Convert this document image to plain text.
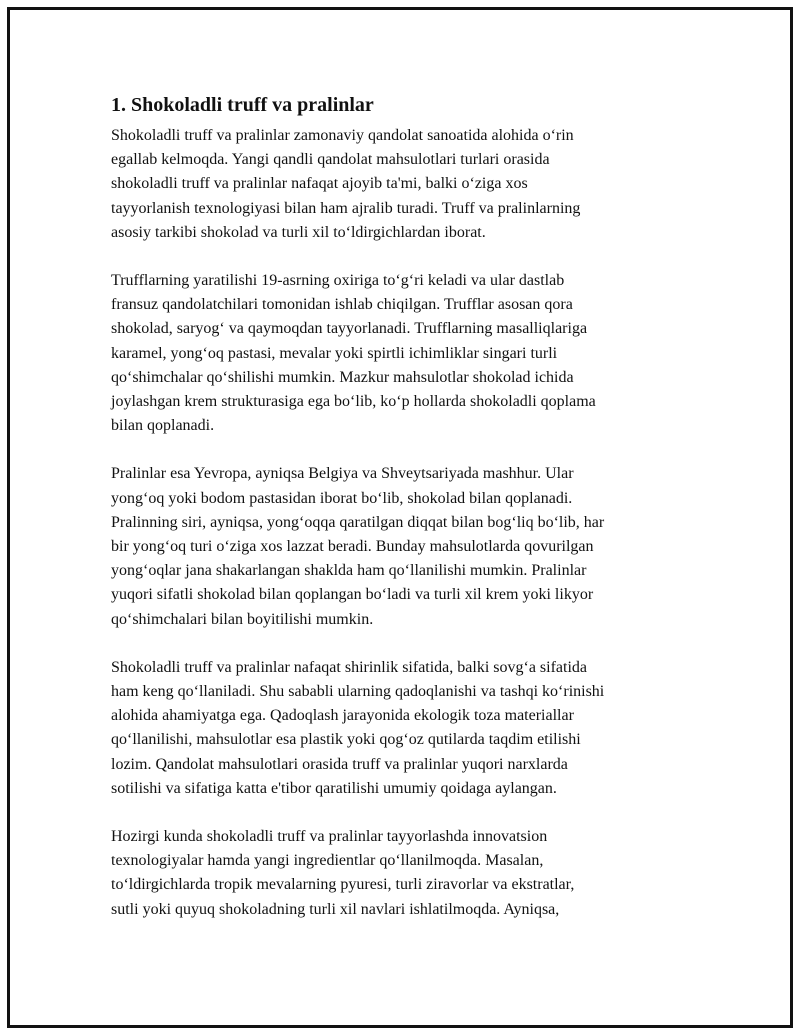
1. Shokoladli truff va pralinlar

Shokoladli truff va pralinlar zamonaviy qandolat sanoatida alohida oʻrin
egallab kelmoqda. Yangi qandli qandolat mahsulotlari turlari orasida
shokoladli truff va pralinlar nafaqat ajoyib ta'mi, balki oʻziga xos
tayyorlanish texnologiyasi bilan ham ajralib turadi. Truff va pralinlarning
asosiy tarkibi shokolad va turli xil toʻldirgichlardan iborat.

Trufflarning yaratilishi 19-asrning oxiriga toʻgʻri keladi va ular dastlab
fransuz qandolatchilari tomonidan ishlab chiqilgan. Trufflar asosan qora
shokolad, saryogʻ va qaymoqdan tayyorlanadi. Trufflarning masalliqlariga
karamel, yongʻoq pastasi, mevalar yoki spirtli ichimliklar singari turli
qoʻshimchalar qoʻshilishi mumkin. Mazkur mahsulotlar shokolad ichida
joylashgan krem strukturasiga ega boʻlib, koʻp hollarda shokoladli qoplama
bilan qoplanadi.

Pralinlar esa Yevropa, ayniqsa Belgiya va Shveytsariyada mashhur. Ular
yongʻoq yoki bodom pastasidan iborat boʻlib, shokolad bilan qoplanadi.
Pralinning siri, ayniqsa, yongʻoqqa qaratilgan diqqat bilan bogʻliq boʻlib, har
bir yongʻoq turi oʻziga xos lazzat beradi. Bunday mahsulotlarda qovurilgan
yongʻoqlar jana shakarlangan shaklda ham qoʻllanilishi mumkin. Pralinlar
yuqori sifatli shokolad bilan qoplangan boʻladi va turli xil krem yoki likyor
qoʻshimchalari bilan boyitilishi mumkin.

Shokoladli truff va pralinlar nafaqat shirinlik sifatida, balki sovgʻa sifatida
ham keng qoʻllaniladi. Shu sababli ularning qadoqlanishi va tashqi koʻrinishi
alohida ahamiyatga ega. Qadoqlash jarayonida ekologik toza materiallar
qoʻllanilishi, mahsulotlar esa plastik yoki qogʻoz qutilarda taqdim etilishi
lozim. Qandolat mahsulotlari orasida truff va pralinlar yuqori narxlarda
sotilishi va sifatiga katta e'tibor qaratilishi umumiy qoidaga aylangan.

Hozirgi kunda shokoladli truff va pralinlar tayyorlashda innovatsion
texnologiyalar hamda yangi ingredientlar qoʻllanilmoqda. Masalan,
toʻldirgichlarda tropik mevalarning pyuresi, turli ziravorlar va ekstratlar,
sutli yoki quyuq shokoladning turli xil navlari ishlatilmoqda. Ayniqsa,
